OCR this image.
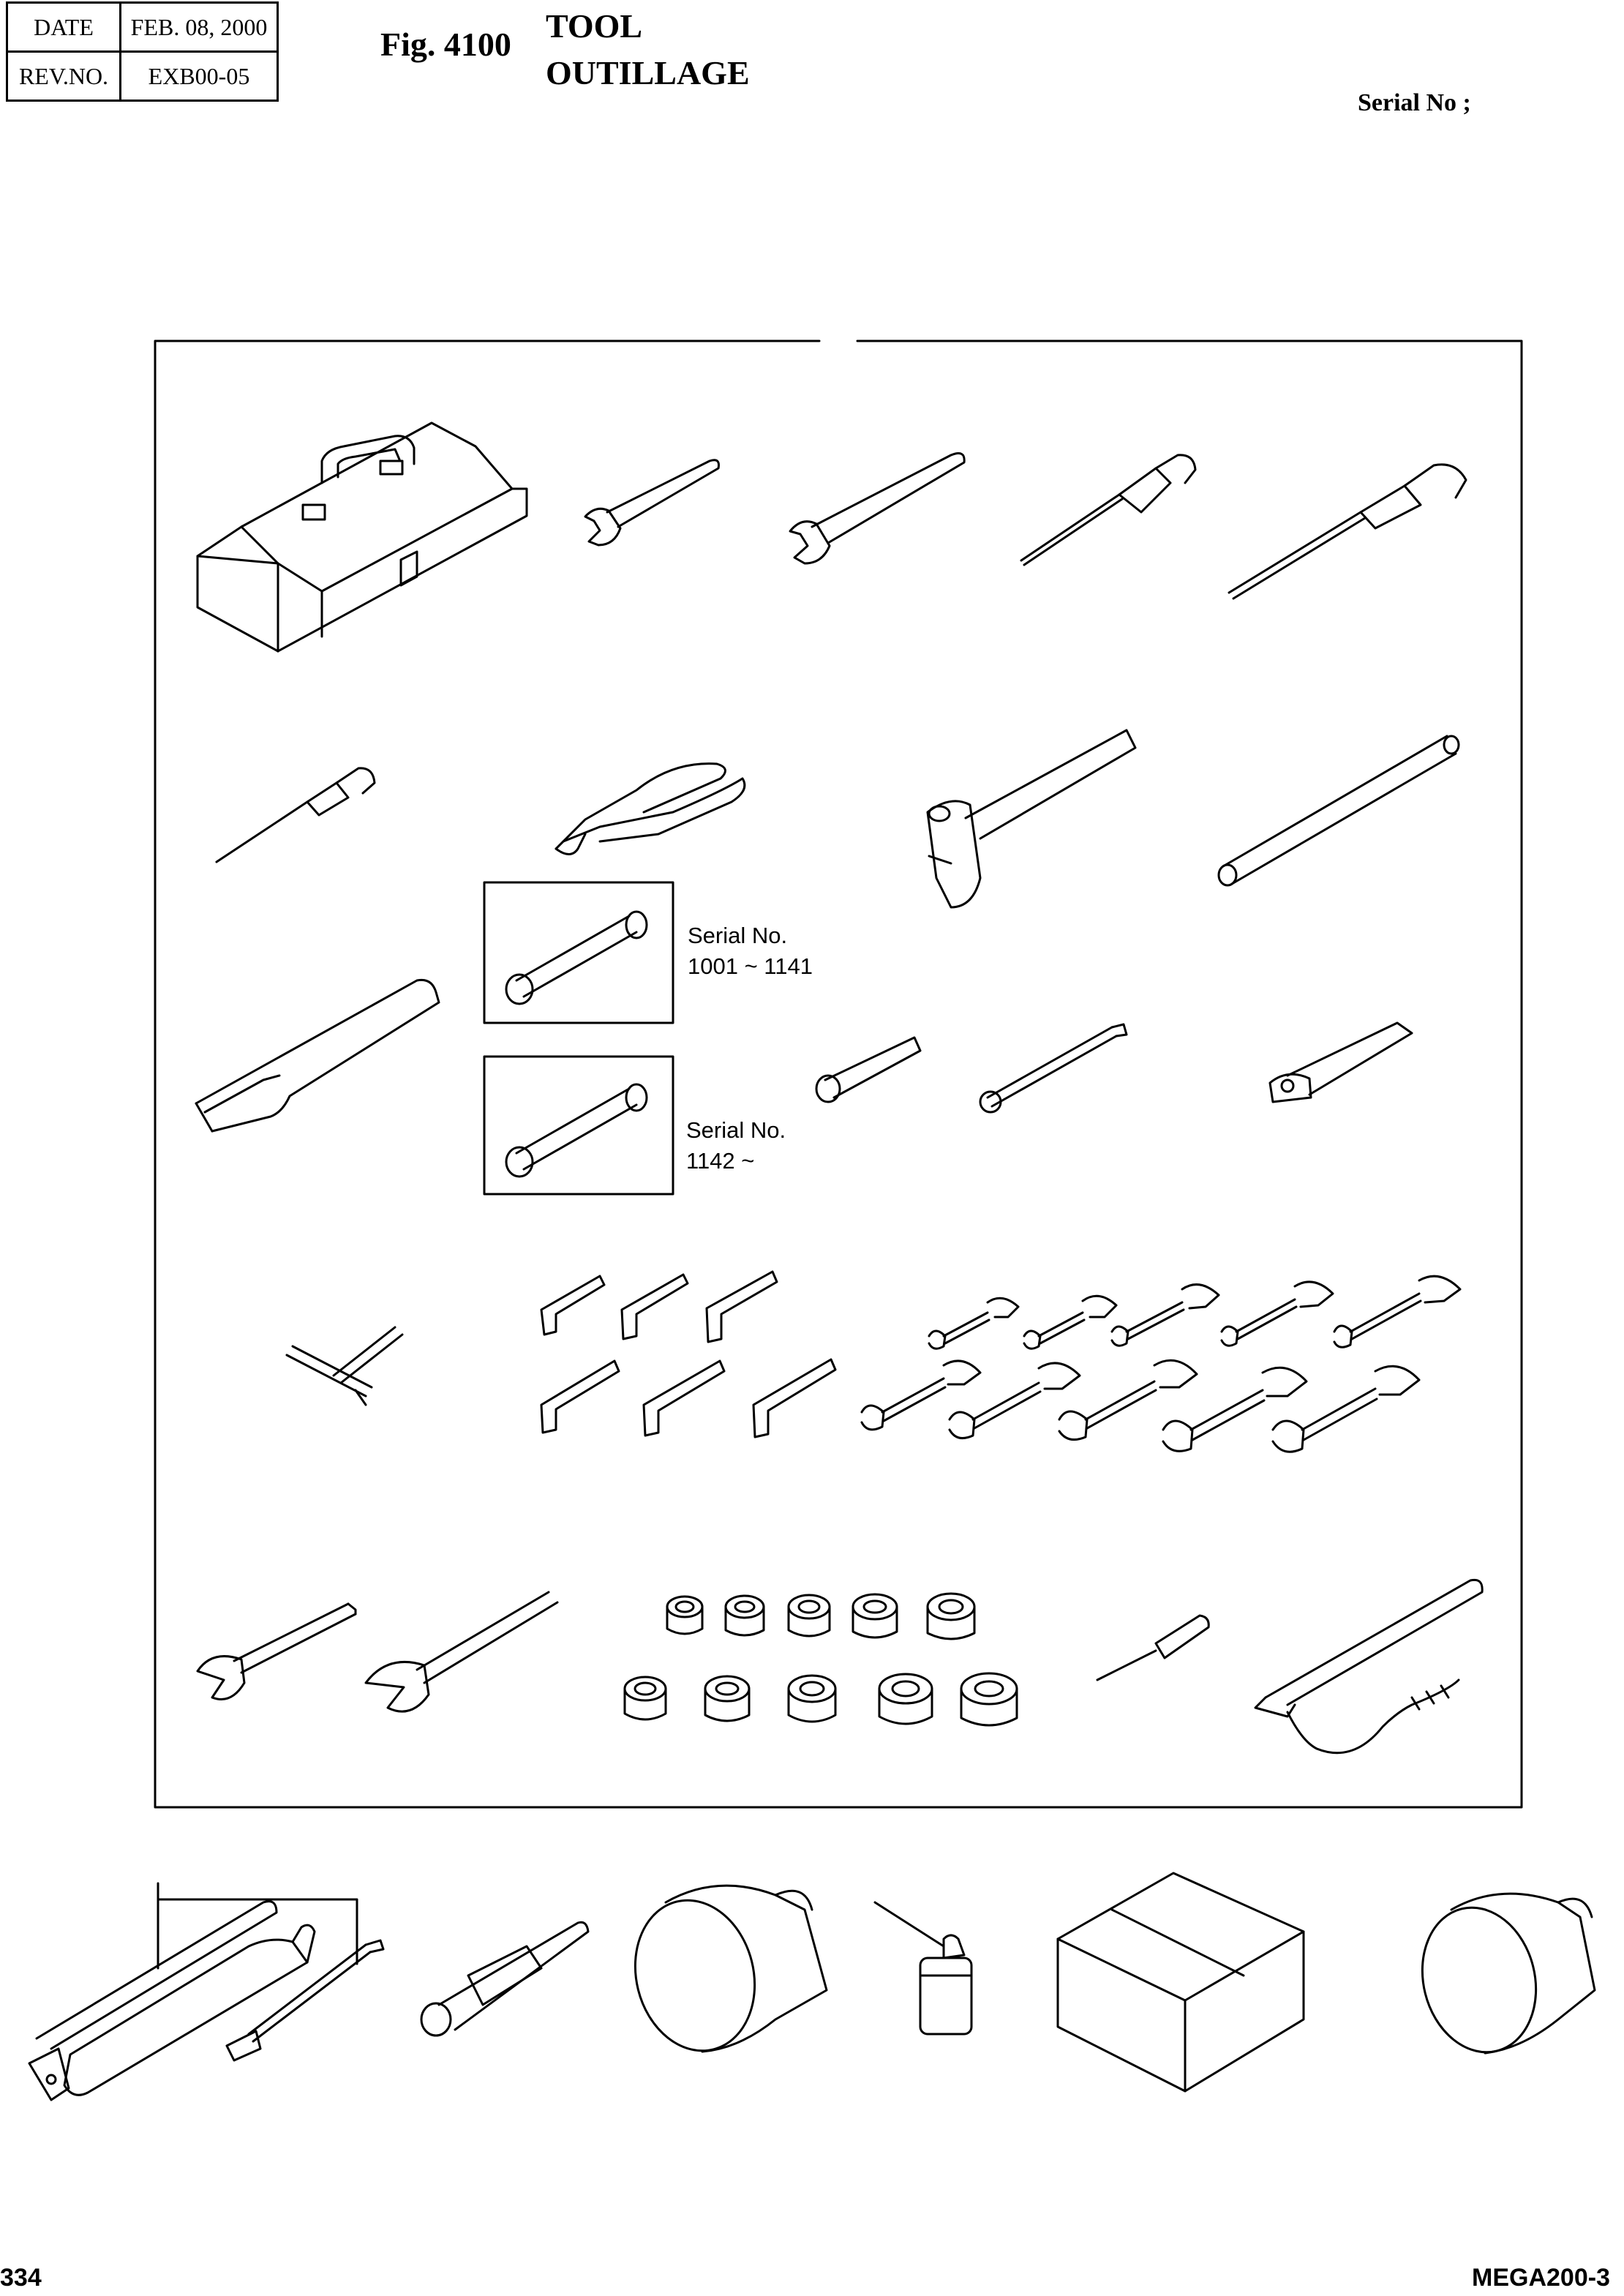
DATE	FEB. 08, 2000
REV.NO.	EXB00-05
Fig. 4100 TOOL
OUTILLAGE
Serial No ;
Serial No.
1001 ~ 1141
Serial No.
1142 ~
334	MEGA200-3
